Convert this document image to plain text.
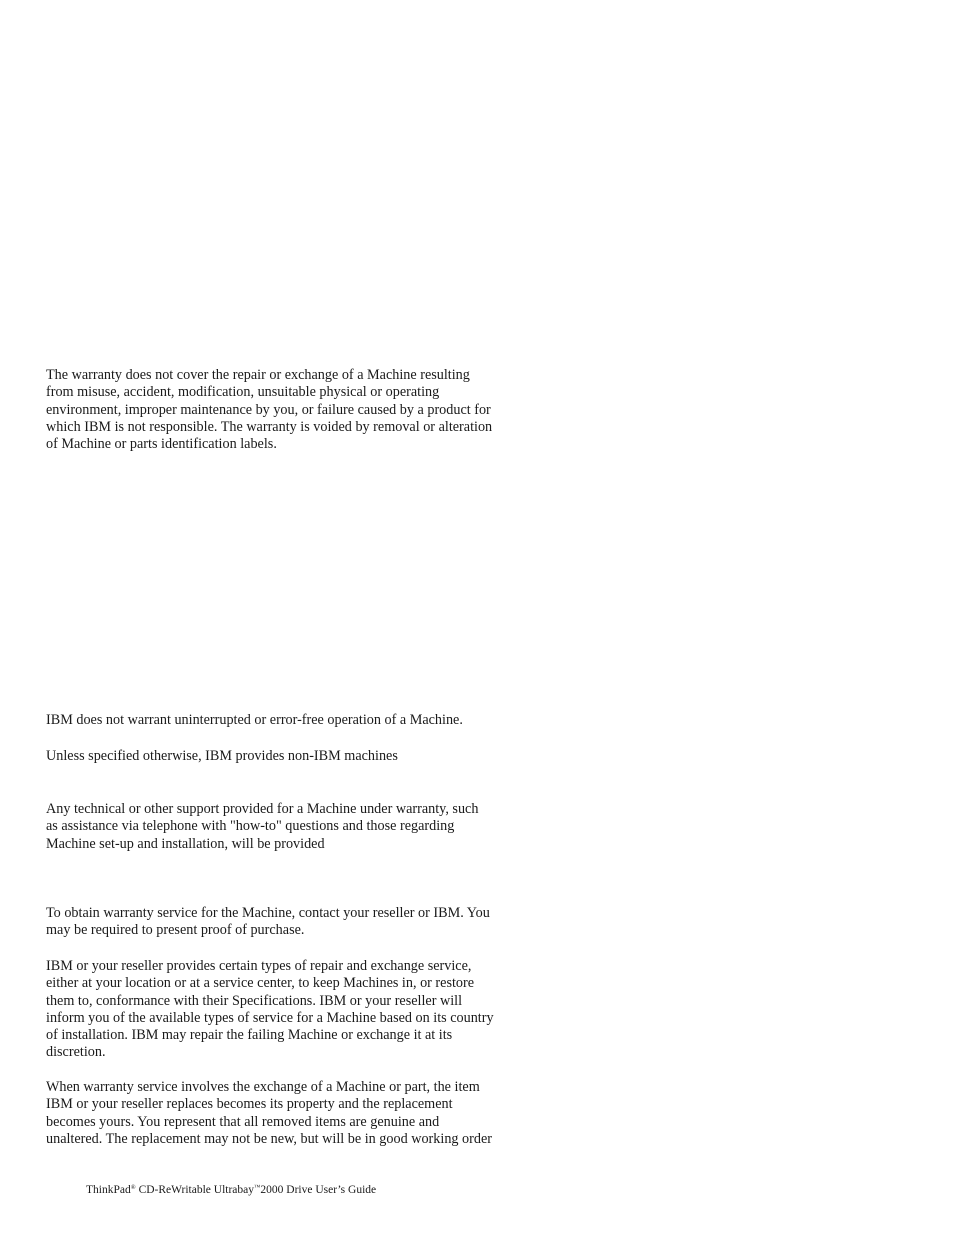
The warranty does not cover the repair or exchange of a Machine resulting
from misuse, accident, modification, unsuitable physical or operating
environment, improper maintenance by you, or failure caused by a product for
which IBM is not responsible. The warranty is voided by removal or alteration
of Machine or parts identification labels.

IBM does not warrant uninterrupted or error-free operation of a Machine.

Unless specified otherwise, IBM provides non-IBM machines

Any technical or other support provided for a Machine under warranty, such
as assistance via telephone with "how-to" questions and those regarding
Machine set-up and installation, will be provided

To obtain warranty service for the Machine, contact your reseller or IBM. You
may be required to present proof of purchase.

IBM or your reseller provides certain types of repair and exchange service,
either at your location or at a service center, to keep Machines in, or restore
them to, conformance with their Specifications. IBM or your reseller will
inform you of the available types of service for a Machine based on its country
of installation. IBM may repair the failing Machine or exchange it at its
discretion.

When warranty service involves the exchange of a Machine or part, the item
IBM or your reseller replaces becomes its property and the replacement
becomes yours. You represent that all removed items are genuine and
unaltered. The replacement may not be new, but will be in good working order

ThinkPad® CD-ReWritable Ultrabay™2000 Drive User’s Guide
